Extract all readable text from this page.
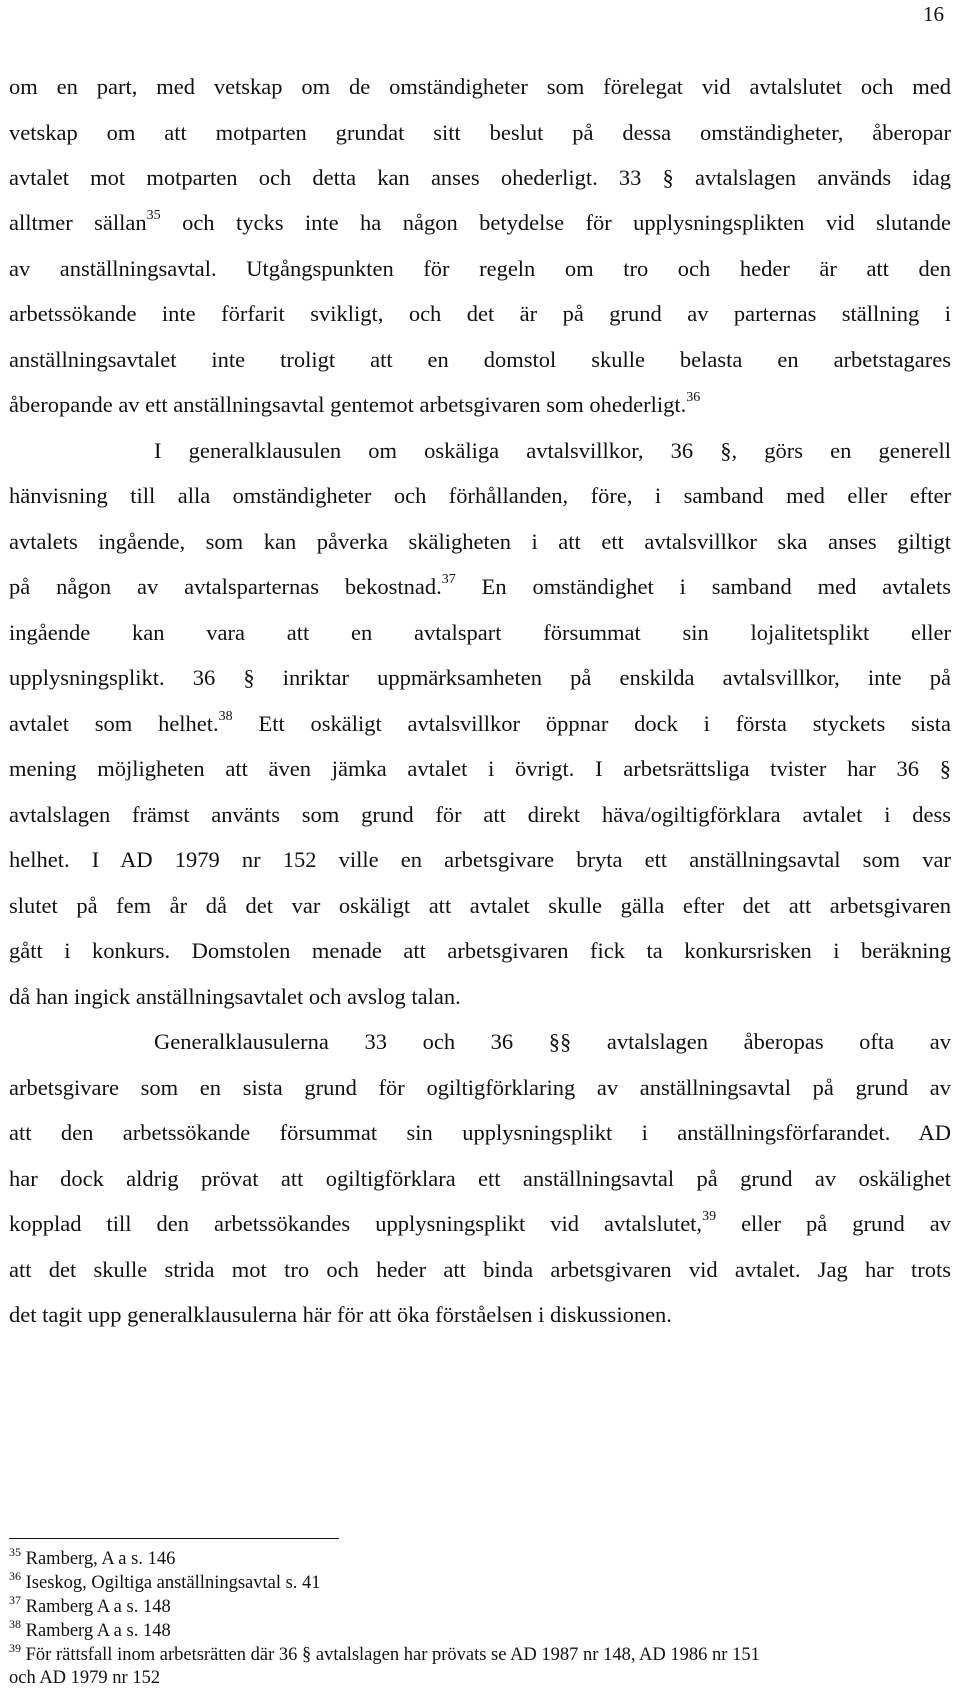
16
om en part, med vetskap om de omständigheter som förelegat vid avtalslutet och med
vetskap om att motparten grundat sitt beslut på dessa omständigheter, åberopar
avtalet mot motparten och detta kan anses ohederligt. 33 § avtalslagen används idag
alltmer sällan$^{35}$ och tycks inte ha någon betydelse för upplysningsplikten vid slutande
av anställningsavtal. Utgångspunkten för regeln om tro och heder är att den
arbetssökande inte förfarit svikligt, och det är på grund av parternas ställning i
anställningsavtalet inte troligt att en domstol skulle belasta en arbetstagares
åberopande av ett anställningsavtal gentemot arbetsgivaren som ohederligt.$^{36}$
I generalklausulen om oskäliga avtalsvillkor, 36 §, görs en generell
hänvisning till alla omständigheter och förhållanden, före, i samband med eller efter
avtalets ingående, som kan påverka skäligheten i att ett avtalsvillkor ska anses giltigt
på någon av avtalsparternas bekostnad.$^{37}$ En omständighet i samband med avtalets
ingående kan vara att en avtalspart försummat sin lojalitetsplikt eller
upplysningsplikt. 36 § inriktar uppmärksamheten på enskilda avtalsvillkor, inte på
avtalet som helhet.$^{38}$ Ett oskäligt avtalsvillkor öppnar dock i första styckets sista
mening möjligheten att även jämka avtalet i övrigt. I arbetsrättsliga tvister har 36 §
avtalslagen främst använts som grund för att direkt häva/ogiltigförklara avtalet i dess
helhet. I AD 1979 nr 152 ville en arbetsgivare bryta ett anställningsavtal som var
slutet på fem år då det var oskäligt att avtalet skulle gälla efter det att arbetsgivaren
gått i konkurs. Domstolen menade att arbetsgivaren fick ta konkursrisken i beräkning
då han ingick anställningsavtalet och avslog talan.
Generalklausulerna 33 och 36 §§ avtalslagen åberopas ofta av
arbetsgivare som en sista grund för ogiltigförklaring av anställningsavtal på grund av
att den arbetssökande försummat sin upplysningsplikt i anställningsförfarandet. AD
har dock aldrig prövat att ogiltigförklara ett anställningsavtal på grund av oskälighet
kopplad till den arbetssökandes upplysningsplikt vid avtalslutet,$^{39}$ eller på grund av
att det skulle strida mot tro och heder att binda arbetsgivaren vid avtalet. Jag har trots
det tagit upp generalklausulerna här för att öka förståelsen i diskussionen.
$^{35}$ Ramberg, A a s. 146
$^{36}$ Iseskog, Ogiltiga anställningsavtal s. 41
$^{37}$ Ramberg A a s. 148
$^{38}$ Ramberg A a s. 148
$^{39}$ För rättsfall inom arbetsrätten där 36 § avtalslagen har prövats se AD 1987 nr 148, AD 1986 nr 151
och AD 1979 nr 152
